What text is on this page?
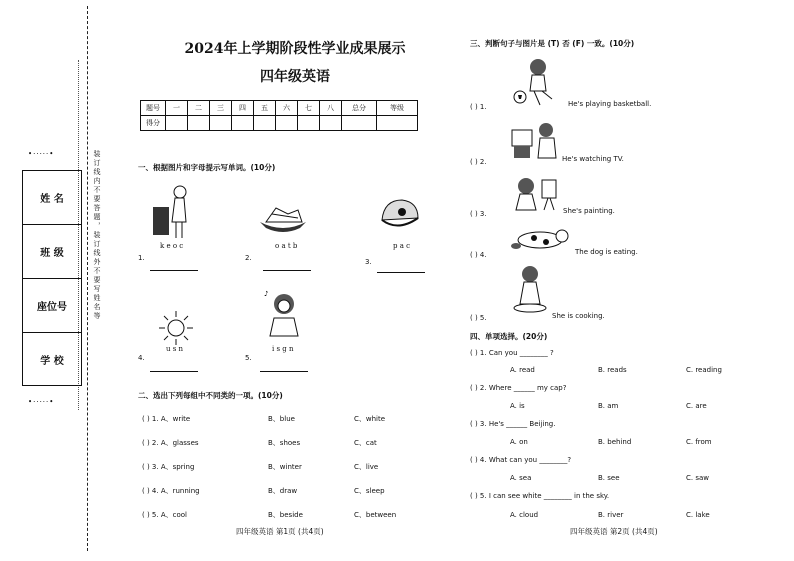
装订线内不要答题，装订线外不要写姓名等
•·····•
•·····•
姓 名
班 级
座位号
学 校
2024年上学期阶段性学业成果展示
四年级英语
题号	一	二	三	四	五	六	七	八	总分	等级
得分										
一、根据图片和字母提示写单词。(10分)
k e o c	o a t b	p a c
1.	2.	3.
u s n
♪
i s g n
4.	5.
二、选出下列每组中不同类的一项。(10分)
( ) 1. A、write	B、blue	C、white
( ) 2. A、glasses	B、shoes	C、cat
( ) 3. A、spring	B、winter	C、live
( ) 4. A、running	B、draw	C、sleep
( ) 5. A、cool	B、beside	C、between
四年级英语 第1页 (共4页)
三、判断句子与图片是 (T) 否 (F) 一致。(10分)
( ) 1.	He's playing basketball.
( ) 2.	He's watching TV.
( ) 3.	She's painting.
( ) 4.	The dog is eating.
( ) 5.	She is cooking.
四、单项选择。(20分)
( ) 1. Can you ________ ?
A. read	B. reads	C. reading
( ) 2. Where ______ my cap?
A. is	B. am	C. are
( ) 3. He's ______ Beijing.
A. on	B. behind	C. from
( ) 4. What can you ________?
A. sea	B. see	C. saw
( ) 5. I can see white ________ in the sky.
A. cloud	B. river	C. lake
四年级英语 第2页 (共4页)
